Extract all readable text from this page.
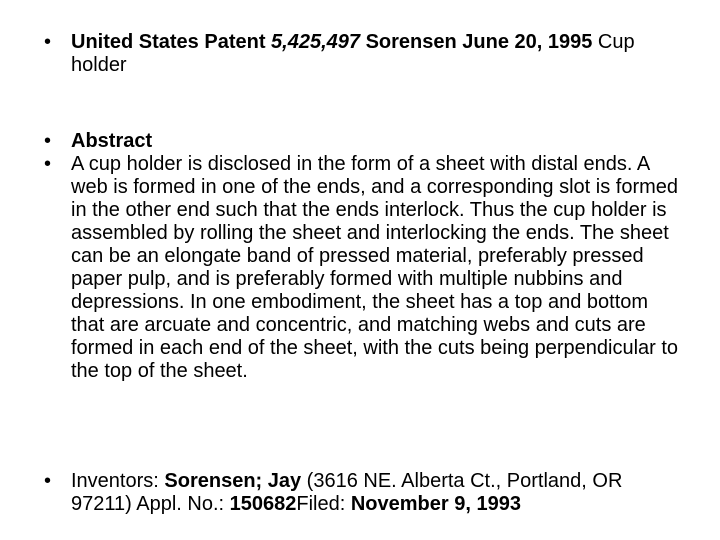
• United States Patent 5,425,497 Sorensen June 20, 1995 Cup holder
• Abstract
• A cup holder is disclosed in the form of a sheet with distal ends. A web is formed in one of the ends, and a corresponding slot is formed in the other end such that the ends interlock. Thus the cup holder is assembled by rolling the sheet and interlocking the ends. The sheet can be an elongate band of pressed material, preferably pressed paper pulp, and is preferably formed with multiple nubbins and depressions. In one embodiment, the sheet has a top and bottom that are arcuate and concentric, and matching webs and cuts are formed in each end of the sheet, with the cuts being perpendicular to the top of the sheet.
• Inventors: Sorensen; Jay (3616 NE. Alberta Ct., Portland, OR 97211) Appl. No.: 150682Filed: November 9, 1993
